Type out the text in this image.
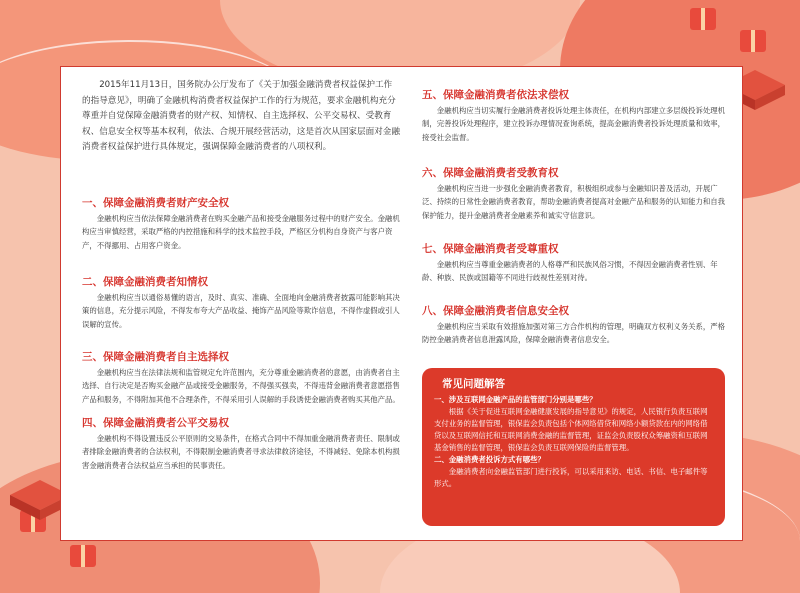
2015年11月13日，国务院办公厅发布了《关于加强金融消费者权益保护工作的指导意见》，明确了金融机构消费者权益保护工作的行为规范，要求金融机构充分尊重并自觉保障金融消费者的财产权、知情权、自主选择权、公平交易权、受教育权、信息安全权等基本权利，依法、合规开展经营活动，这是首次从国家层面对金融消费者权益保护进行具体规定，强调保障金融消费者的八项权利。

一、保障金融消费者财产安全权

金融机构应当依法保障金融消费者在购买金融产品和接受金融服务过程中的财产安全。金融机构应当审慎经营，采取严格的内控措施和科学的技术监控手段，严格区分机构自身资产与客户资产，不得挪用、占用客户资金。

二、保障金融消费者知情权

金融机构应当以通俗易懂的语言，及时、真实、准确、全面地向金融消费者披露可能影响其决策的信息，充分提示风险，不得发布夸大产品收益、掩饰产品风险等欺诈信息，不得作虚假或引人误解的宣传。

三、保障金融消费者自主选择权

金融机构应当在法律法规和监管规定允许范围内，充分尊重金融消费者的意愿，由消费者自主选择、自行决定是否购买金融产品或接受金融服务，不得强买强卖，不得违背金融消费者意愿搭售产品和服务，不得附加其他不合理条件，不得采用引人误解的手段诱使金融消费者购买其他产品。

四、保障金融消费者公平交易权

金融机构不得设置违反公平原则的交易条件，在格式合同中不得加重金融消费者责任、限制或者排除金融消费者的合法权利，不得限制金融消费者寻求法律救济途径，不得减轻、免除本机构损害金融消费者合法权益应当承担的民事责任。

五、保障金融消费者依法求偿权

金融机构应当切实履行金融消费者投诉处理主体责任，在机构内部建立多层级投诉处理机制，完善投诉处理程序，建立投诉办理情况查询系统，提高金融消费者投诉处理质量和效率，接受社会监督。

六、保障金融消费者受教育权

金融机构应当进一步强化金融消费者教育，积极组织或参与金融知识普及活动，开展广泛、持续的日常性金融消费者教育，帮助金融消费者提高对金融产品和服务的认知能力和自我保护能力，提升金融消费者金融素养和诚实守信意识。

七、保障金融消费者受尊重权

金融机构应当尊重金融消费者的人格尊严和民族风俗习惯，不得因金融消费者性别、年龄、种族、民族或国籍等不同进行歧视性差别对待。

八、保障金融消费者信息安全权

金融机构应当采取有效措施加强对第三方合作机构的管理，明确双方权利义务关系，严格防控金融消费者信息泄露风险，保障金融消费者信息安全。

常见问题解答

一、涉及互联网金融产品的监管部门分别是哪些？

根据《关于促进互联网金融健康发展的指导意见》的规定，人民银行负责互联网支付业务的监督管理，银保监会负责包括个体网络借贷和网络小额贷款在内的网络借贷以及互联网信托和互联网消费金融的监督管理，证监会负责股权众筹融资和互联网基金销售的监督管理，银保监会负责互联网保险的监督管理。

二、金融消费者投诉方式有哪些？

金融消费者向金融监管部门进行投诉，可以采用来访、电话、书信、电子邮件等形式。
